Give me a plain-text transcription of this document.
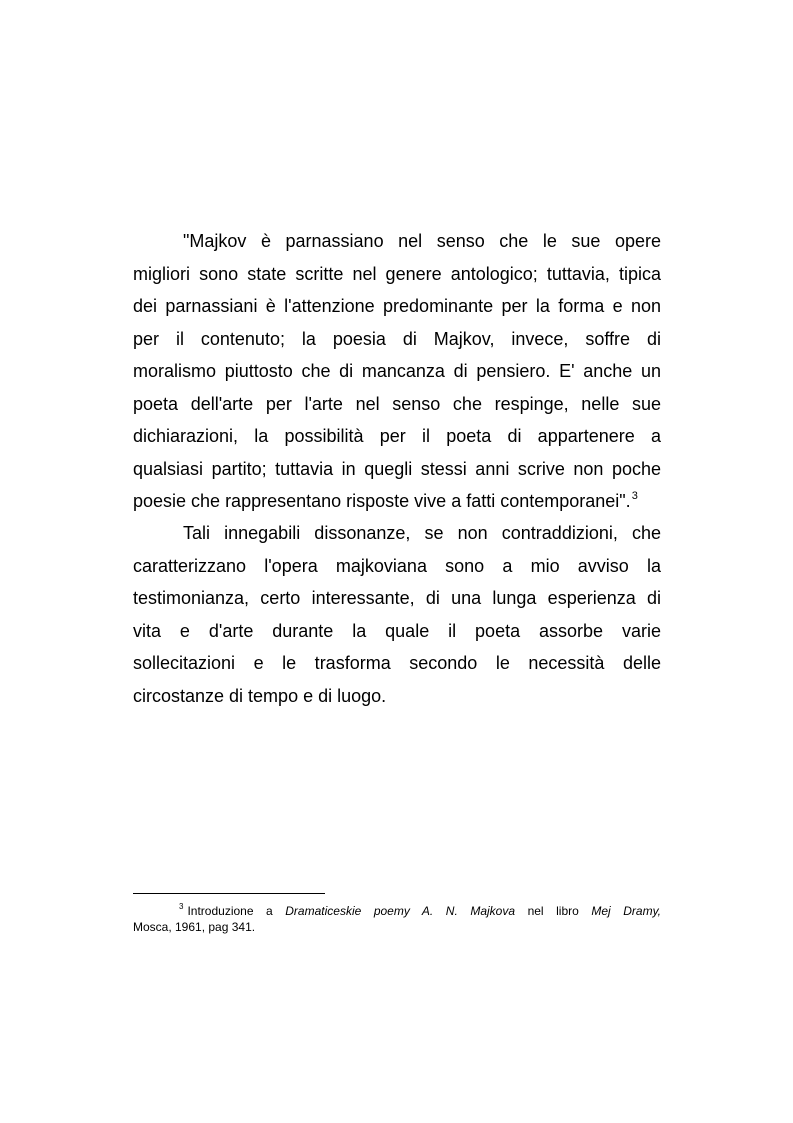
"Majkov è parnassiano nel senso che le sue opere
migliori sono state scritte nel genere antologico; tuttavia, tipica
dei parnassiani è l'attenzione predominante per la forma e non
per il contenuto; la poesia di Majkov, invece, soffre di
moralismo piuttosto che di mancanza di pensiero. E' anche un
poeta dell'arte per l'arte nel senso che respinge, nelle sue
dichiarazioni, la possibilità per il poeta di appartenere a
qualsiasi partito; tuttavia in quegli stessi anni scrive non poche
poesie che rappresentano risposte vive a fatti contemporanei".$^3$
Tali innegabili dissonanze, se non contraddizioni, che
caratterizzano l'opera majkoviana sono a mio avviso la
testimonianza, certo interessante, di una lunga esperienza di
vita e d'arte durante la quale il poeta assorbe varie
sollecitazioni e le trasforma secondo le necessità delle
circostanze di tempo e di luogo.
$^3$ Introduzione a Dramaticeskie poemy A. N. Majkova nel libro Mej Dramy,
Mosca, 1961, pag 341.
